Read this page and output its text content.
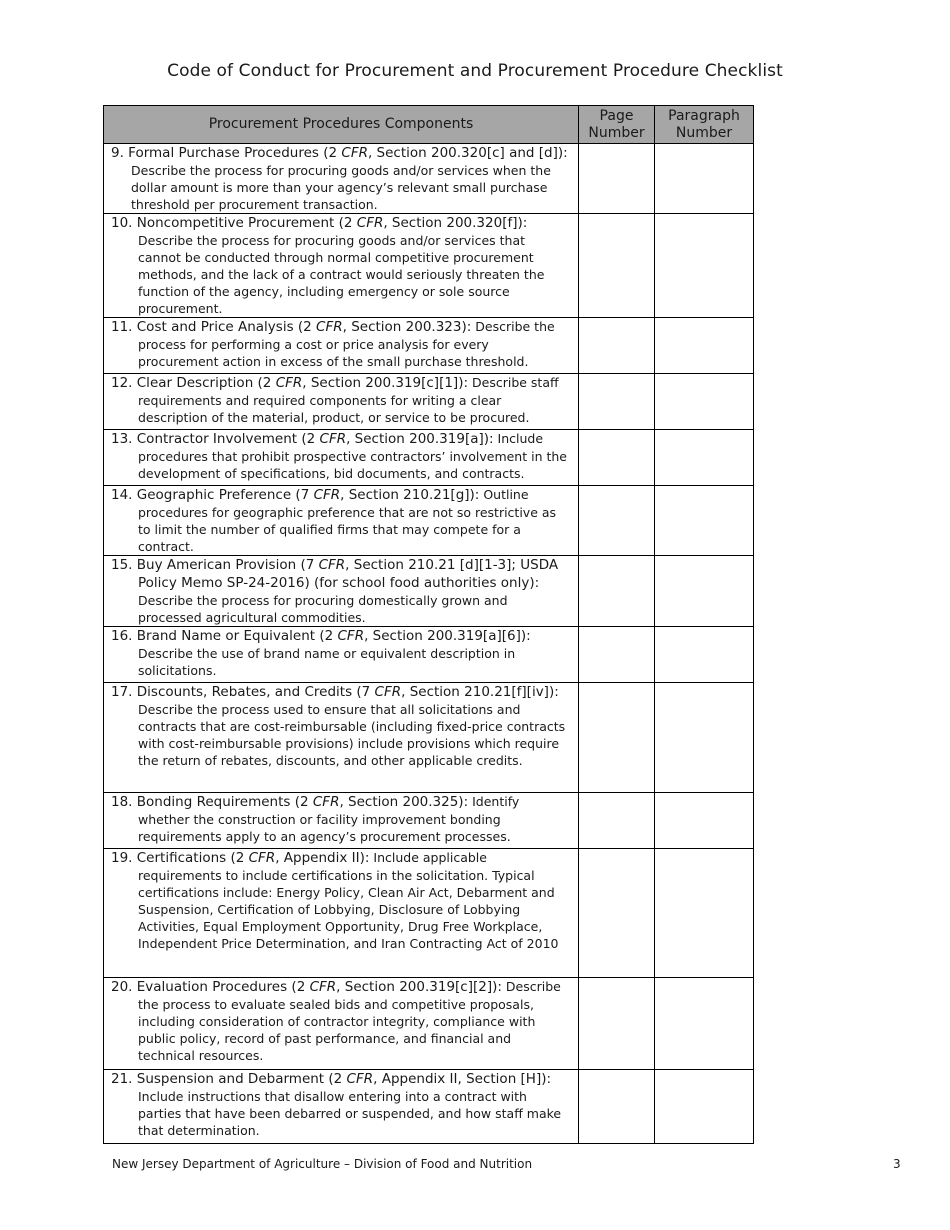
Code of Conduct for Procurement and Procurement Procedure Checklist
Procurement Procedures Components	Page Number	Paragraph Number

9. Formal Purchase Procedures (2 CFR, Section 200.320[c] and [d]): Describe the process for procuring goods and/or services when the dollar amount is more than your agency’s relevant small purchase threshold per procurement transaction.		

10. Noncompetitive Procurement (2 CFR, Section 200.320[f]): Describe the process for procuring goods and/or services that cannot be conducted through normal competitive procurement methods, and the lack of a contract would seriously threaten the function of the agency, including emergency or sole source procurement.		

11. Cost and Price Analysis (2 CFR, Section 200.323): Describe the process for performing a cost or price analysis for every procurement action in excess of the small purchase threshold.		

12. Clear Description (2 CFR, Section 200.319[c][1]): Describe staff requirements and required components for writing a clear description of the material, product, or service to be procured.		

13. Contractor Involvement (2 CFR, Section 200.319[a]): Include procedures that prohibit prospective contractors’ involvement in the development of specifications, bid documents, and contracts.		

14. Geographic Preference (7 CFR, Section 210.21[g]): Outline procedures for geographic preference that are not so restrictive as to limit the number of qualified firms that may compete for a contract.		

15. Buy American Provision (7 CFR, Section 210.21 [d][1-3]; USDA Policy Memo SP-24-2016) (for school food authorities only): Describe the process for procuring domestically grown and processed agricultural commodities.		

16. Brand Name or Equivalent (2 CFR, Section 200.319[a][6]): Describe the use of brand name or equivalent description in solicitations.		

17. Discounts, Rebates, and Credits (7 CFR, Section 210.21[f][iv]): Describe the process used to ensure that all solicitations and contracts that are cost-reimbursable (including fixed-price contracts with cost-reimbursable provisions) include provisions which require the return of rebates, discounts, and other applicable credits.		

18. Bonding Requirements (2 CFR, Section 200.325): Identify whether the construction or facility improvement bonding requirements apply to an agency’s procurement processes.		

19. Certifications (2 CFR, Appendix II): Include applicable requirements to include certifications in the solicitation. Typical certifications include: Energy Policy, Clean Air Act, Debarment and Suspension, Certification of Lobbying, Disclosure of Lobbying Activities, Equal Employment Opportunity, Drug Free Workplace, Independent Price Determination, and Iran Contracting Act of 2010		

20. Evaluation Procedures (2 CFR, Section 200.319[c][2]): Describe the process to evaluate sealed bids and competitive proposals, including consideration of contractor integrity, compliance with public policy, record of past performance, and financial and technical resources.		

21. Suspension and Debarment (2 CFR, Appendix II, Section [H]): Include instructions that disallow entering into a contract with parties that have been debarred or suspended, and how staff make that determination.		

New Jersey Department of Agriculture – Division of Food and Nutrition	3
